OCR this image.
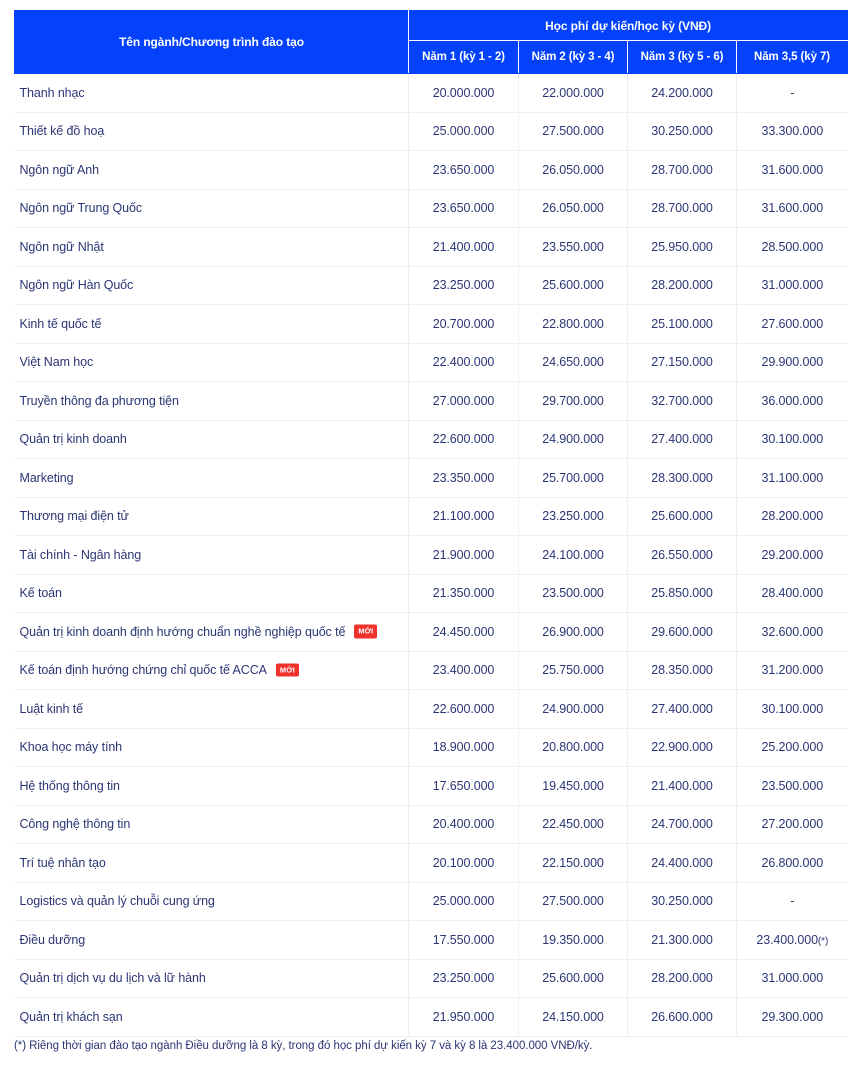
Tên ngành/Chương trình đào tạo	Học phí dự kiến/học kỳ (VNĐ)			
	Năm 1 (kỳ 1 - 2)	Năm 2 (kỳ 3 - 4)	Năm 3 (kỳ 5 - 6)	Năm 3,5 (kỳ 7)

Thanh nhạc	20.000.000	22.000.000	24.200.000	-

Thiết kế đồ hoạ	25.000.000	27.500.000	30.250.000	33.300.000

Ngôn ngữ Anh	23.650.000	26.050.000	28.700.000	31.600.000

Ngôn ngữ Trung Quốc	23.650.000	26.050.000	28.700.000	31.600.000

Ngôn ngữ Nhật	21.400.000	23.550.000	25.950.000	28.500.000

Ngôn ngữ Hàn Quốc	23.250.000	25.600.000	28.200.000	31.000.000

Kinh tế quốc tế	20.700.000	22.800.000	25.100.000	27.600.000

Việt Nam học	22.400.000	24.650.000	27.150.000	29.900.000

Truyền thông đa phương tiện	27.000.000	29.700.000	32.700.000	36.000.000

Quản trị kinh doanh	22.600.000	24.900.000	27.400.000	30.100.000

Marketing	23.350.000	25.700.000	28.300.000	31.100.000

Thương mại điện tử	21.100.000	23.250.000	25.600.000	28.200.000

Tài chính - Ngân hàng	21.900.000	24.100.000	26.550.000	29.200.000

Kế toán	21.350.000	23.500.000	25.850.000	28.400.000

Quản trị kinh doanh định hướng chuẩn nghề nghiệp quốc tế MỚI	24.450.000	26.900.000	29.600.000	32.600.000

Kế toán định hướng chứng chỉ quốc tế ACCA MỚI	23.400.000	25.750.000	28.350.000	31.200.000

Luật kinh tế	22.600.000	24.900.000	27.400.000	30.100.000

Khoa học máy tính	18.900.000	20.800.000	22.900.000	25.200.000

Hệ thống thông tin	17.650.000	19.450.000	21.400.000	23.500.000

Công nghệ thông tin	20.400.000	22.450.000	24.700.000	27.200.000

Trí tuệ nhân tạo	20.100.000	22.150.000	24.400.000	26.800.000

Logistics và quản lý chuỗi cung ứng	25.000.000	27.500.000	30.250.000	-

Điều dưỡng	17.550.000	19.350.000	21.300.000	23.400.000(*)

Quản trị dịch vụ du lịch và lữ hành	23.250.000	25.600.000	28.200.000	31.000.000

Quản trị khách sạn	21.950.000	24.150.000	26.600.000	29.300.000
(*) Riêng thời gian đào tạo ngành Điều dưỡng là 8 kỳ, trong đó học phí dự kiến kỳ 7 và kỳ 8 là 23.400.000 VNĐ/kỳ.
